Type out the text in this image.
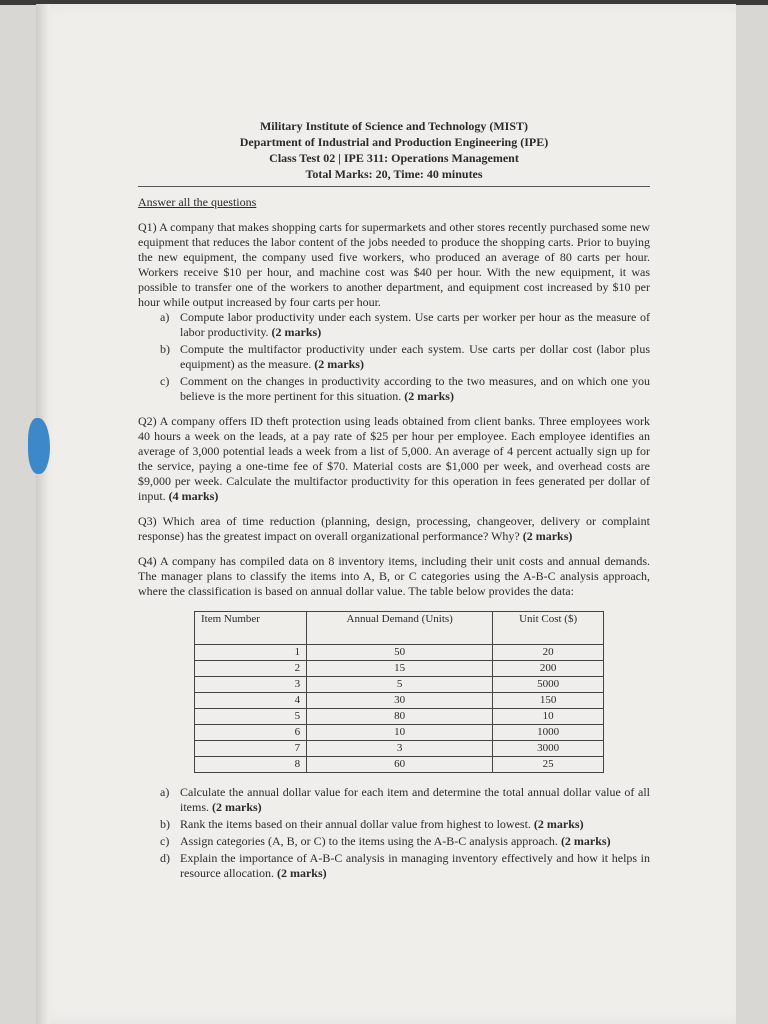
Military Institute of Science and Technology (MIST)
Department of Industrial and Production Engineering (IPE)
Class Test 02 | IPE 311: Operations Management
Total Marks: 20, Time: 40 minutes
Answer all the questions
Q1) A company that makes shopping carts for supermarkets and other stores recently purchased some new equipment that reduces the labor content of the jobs needed to produce the shopping carts. Prior to buying the new equipment, the company used five workers, who produced an average of 80 carts per hour. Workers receive $10 per hour, and machine cost was $40 per hour. With the new equipment, it was possible to transfer one of the workers to another department, and equipment cost increased by $10 per hour while output increased by four carts per hour.
a) Compute labor productivity under each system. Use carts per worker per hour as the measure of labor productivity. (2 marks)
b) Compute the multifactor productivity under each system. Use carts per dollar cost (labor plus equipment) as the measure. (2 marks)
c) Comment on the changes in productivity according to the two measures, and on which one you believe is the more pertinent for this situation. (2 marks)
Q2) A company offers ID theft protection using leads obtained from client banks. Three employees work 40 hours a week on the leads, at a pay rate of $25 per hour per employee. Each employee identifies an average of 3,000 potential leads a week from a list of 5,000. An average of 4 percent actually sign up for the service, paying a one-time fee of $70. Material costs are $1,000 per week, and overhead costs are $9,000 per week. Calculate the multifactor productivity for this operation in fees generated per dollar of input. (4 marks)
Q3) Which area of time reduction (planning, design, processing, changeover, delivery or complaint response) has the greatest impact on overall organizational performance? Why? (2 marks)
Q4) A company has compiled data on 8 inventory items, including their unit costs and annual demands. The manager plans to classify the items into A, B, or C categories using the A-B-C analysis approach, where the classification is based on annual dollar value. The table below provides the data:
Item Number	Annual Demand (Units)	Unit Cost ($)
1	50	20
2	15	200
3	5	5000
4	30	150
5	80	10
6	10	1000
7	3	3000
8	60	25
a) Calculate the annual dollar value for each item and determine the total annual dollar value of all items. (2 marks)
b) Rank the items based on their annual dollar value from highest to lowest. (2 marks)
c) Assign categories (A, B, or C) to the items using the A-B-C analysis approach. (2 marks)
d) Explain the importance of A-B-C analysis in managing inventory effectively and how it helps in resource allocation. (2 marks)
